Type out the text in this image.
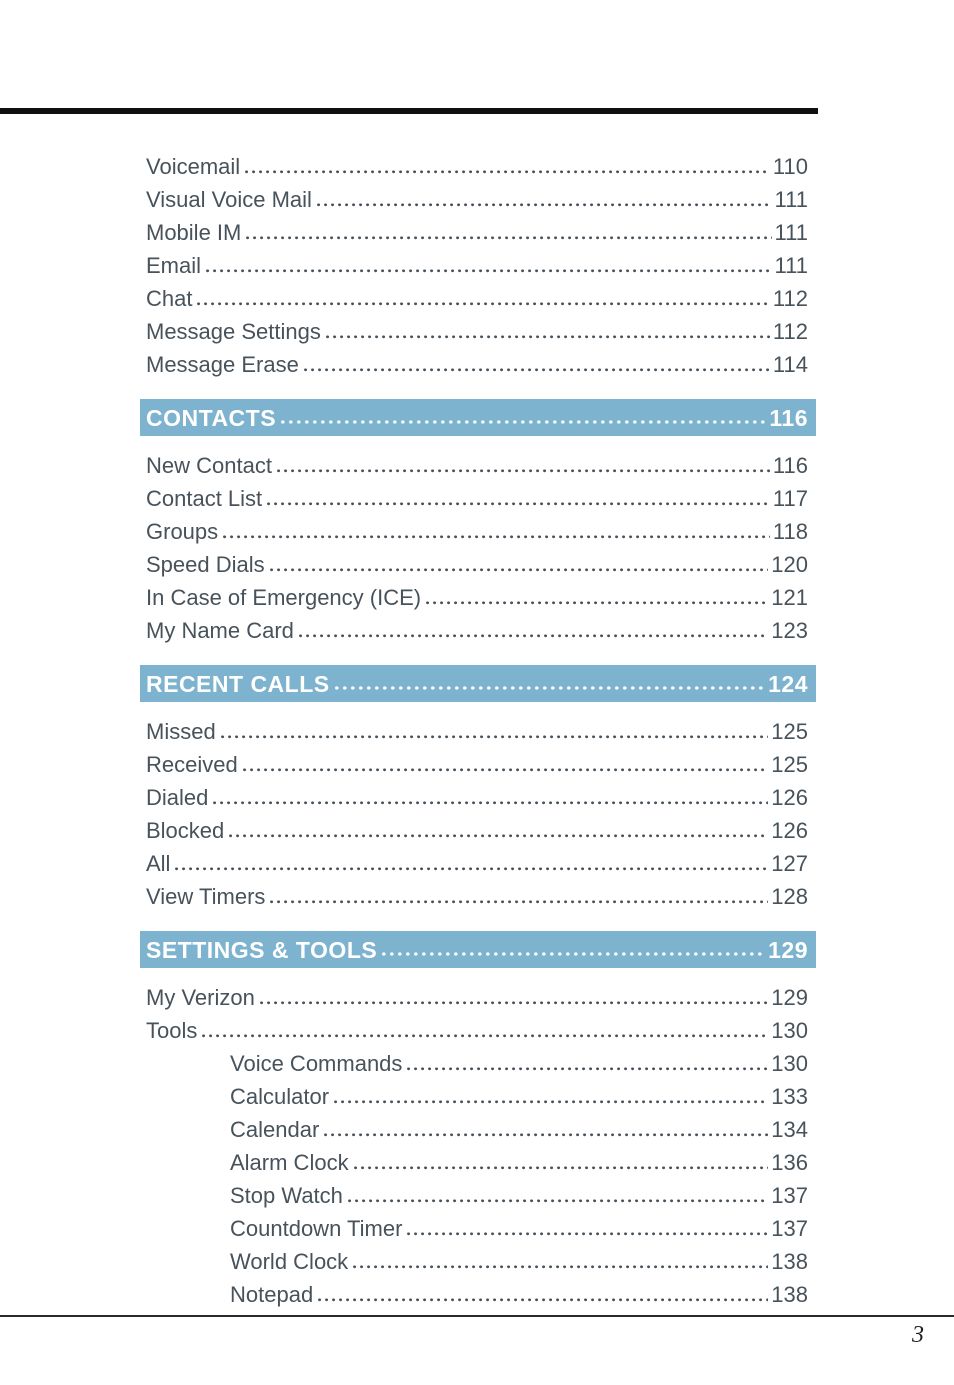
Voicemail	110
Visual Voice Mail	111
Mobile IM	111
Email	111
Chat	112
Message Settings	112
Message Erase	114
CONTACTS	116
New Contact	116
Contact List	117
Groups	118
Speed Dials	120
In Case of Emergency (ICE)	121
My Name Card	123
RECENT CALLS	124
Missed	125
Received	125
Dialed	126
Blocked	126
All	127
View Timers	128
SETTINGS & TOOLS	129
My Verizon	129
Tools	130
Voice Commands	130
Calculator	133
Calendar	134
Alarm Clock	136
Stop Watch	137
Countdown Timer	137
World Clock	138
Notepad	138
3
